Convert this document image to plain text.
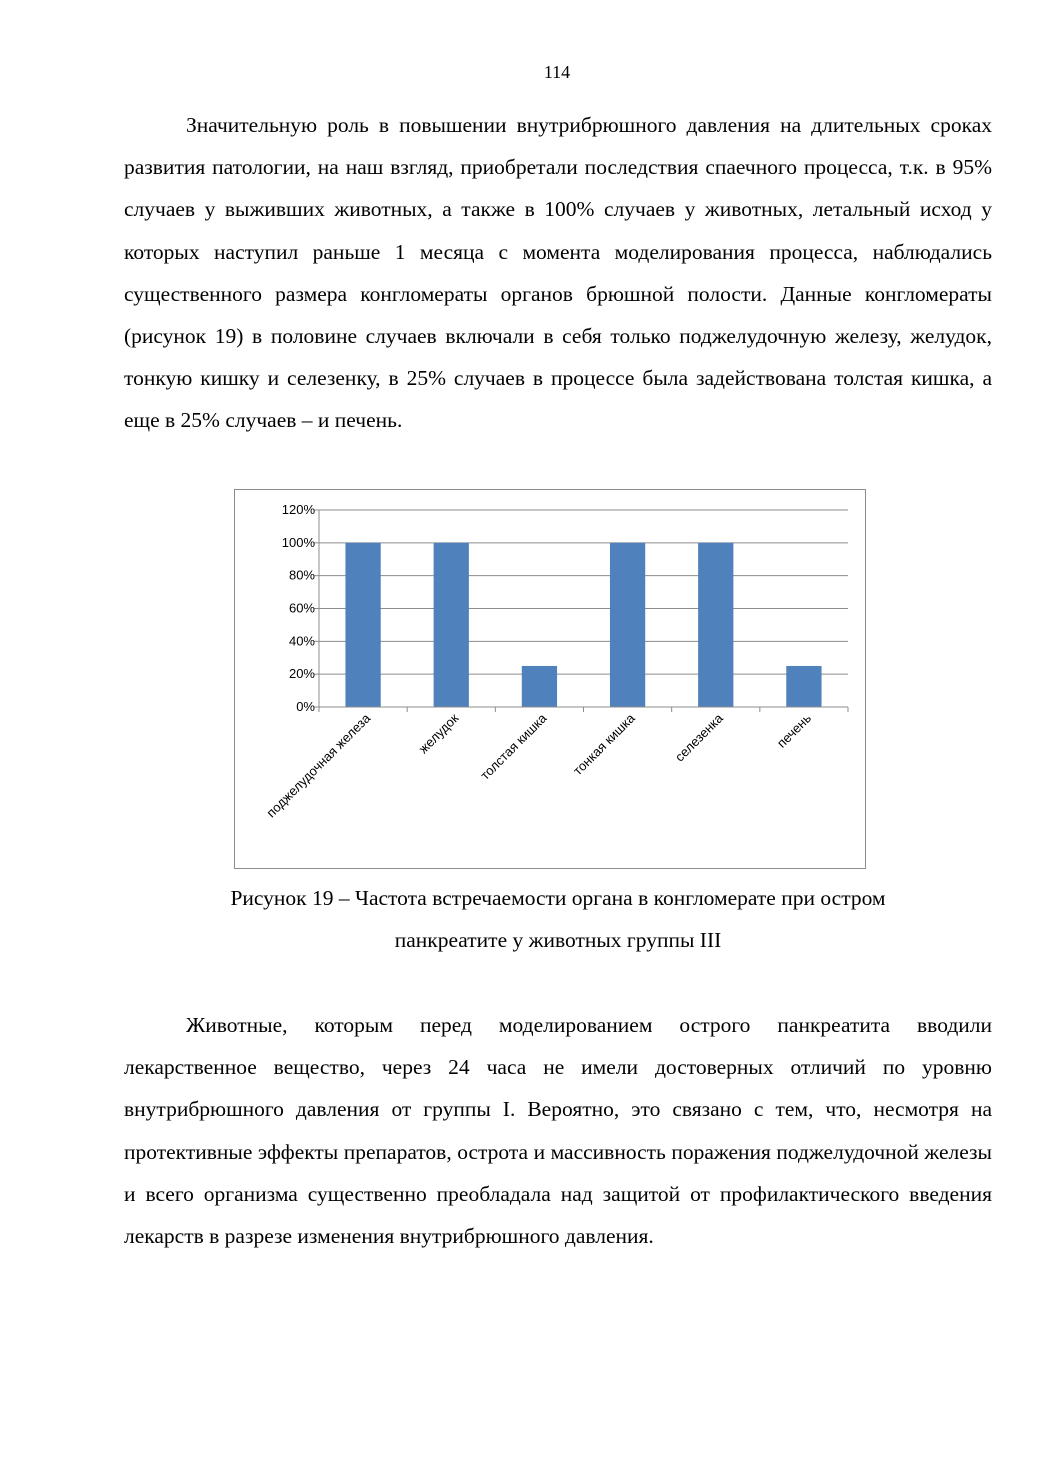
114

Значительную роль в повышении внутрибрюшного давления на длительных сроках развития патологии, на наш взгляд, приобретали последствия спаечного процесса, т.к. в 95% случаев у выживших животных, а также в 100% случаев у животных, летальный исход у которых наступил раньше 1 месяца с момента моделирования процесса, наблюдались существенного размера конгломераты органов брюшной полости. Данные конгломераты (рисунок 19) в половине случаев включали в себя только поджелудочную железу, желудок, тонкую кишку и селезенку, в 25% случаев в процессе была задействована толстая кишка, а еще в 25% случаев – и печень.

0%
20%
40%
60%
80%
100%
120%
поджелудочная железа	желудок толстая кишка тонкая кишка	селезенка	печень

Рисунок 19 – Частота встречаемости органа в конгломерате при остром

панкреатите у животных группы III

Животные, которым перед моделированием острого панкреатита вводили лекарственное вещество, через 24 часа не имели достоверных отличий по уровню внутрибрюшного давления от группы I. Вероятно, это связано с тем, что, несмотря на протективные эффекты препаратов, острота и массивность поражения поджелудочной железы и всего организма существенно преобладала над защитой от профилактического введения лекарств в разрезе изменения внутрибрюшного давления.
